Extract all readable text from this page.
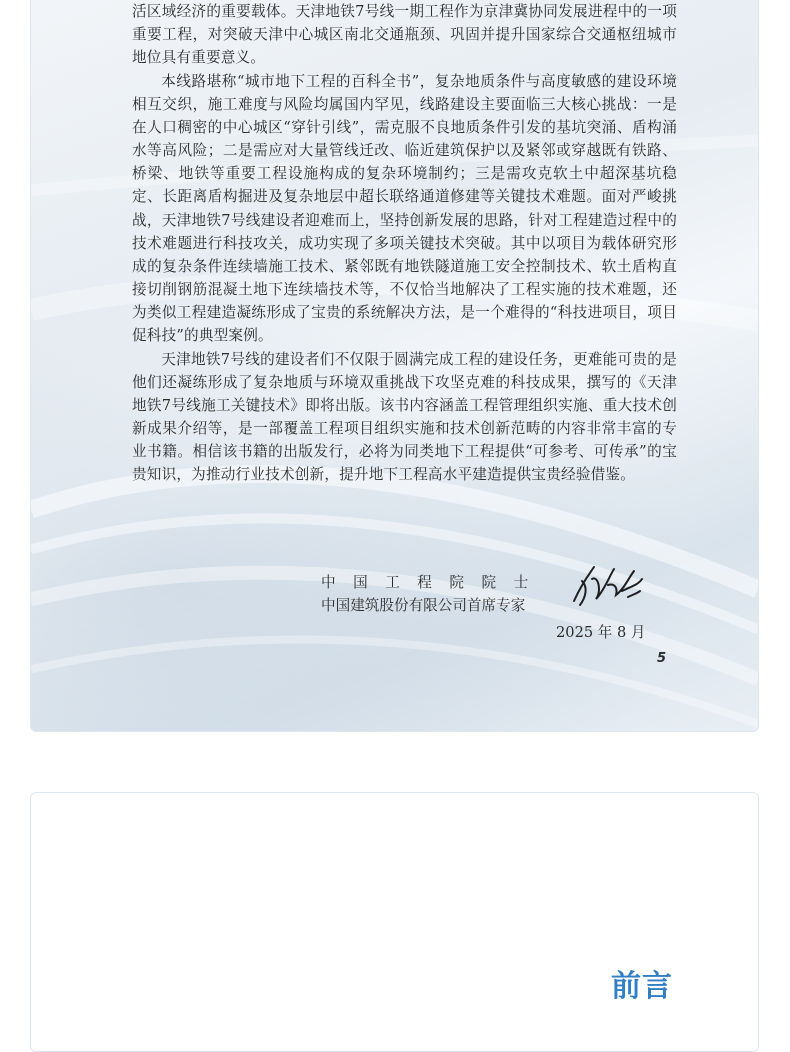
活区域经济的重要载体。天津地铁7号线一期工程作为京津冀协同发展进程中的一项重要工程，对突破天津中心城区南北交通瓶颈、巩固并提升国家综合交通枢纽城市地位具有重要意义。

本线路堪称“城市地下工程的百科全书”，复杂地质条件与高度敏感的建设环境相互交织，施工难度与风险均属国内罕见，线路建设主要面临三大核心挑战：一是在人口稠密的中心城区“穿针引线”，需克服不良地质条件引发的基坑突涌、盾构涌水等高风险；二是需应对大量管线迁改、临近建筑保护以及紧邻或穿越既有铁路、桥梁、地铁等重要工程设施构成的复杂环境制约；三是需攻克软土中超深基坑稳定、长距离盾构掘进及复杂地层中超长联络通道修建等关键技术难题。面对严峻挑战，天津地铁7号线建设者迎难而上，坚持创新发展的思路，针对工程建造过程中的技术难题进行科技攻关，成功实现了多项关键技术突破。其中以项目为载体研究形成的复杂条件连续墙施工技术、紧邻既有地铁隧道施工安全控制技术、软土盾构直接切削钢筋混凝土地下连续墙技术等，不仅恰当地解决了工程实施的技术难题，还为类似工程建造凝练形成了宝贵的系统解决方法，是一个难得的“科技进项目，项目促科技”的典型案例。

天津地铁7号线的建设者们不仅限于圆满完成工程的建设任务，更难能可贵的是他们还凝练形成了复杂地质与环境双重挑战下攻坚克难的科技成果，撰写的《天津地铁7号线施工关键技术》即将出版。该书内容涵盖工程管理组织实施、重大技术创新成果介绍等，是一部覆盖工程项目组织实施和技术创新范畴的内容非常丰富的专业书籍。相信该书籍的出版发行，必将为同类地下工程提供“可参考、可传承”的宝贵知识，为推动行业技术创新，提升地下工程高水平建造提供宝贵经验借鉴。

中国工程院院士
中国建筑股份有限公司首席专家
2025 年 8 月
5
前言
